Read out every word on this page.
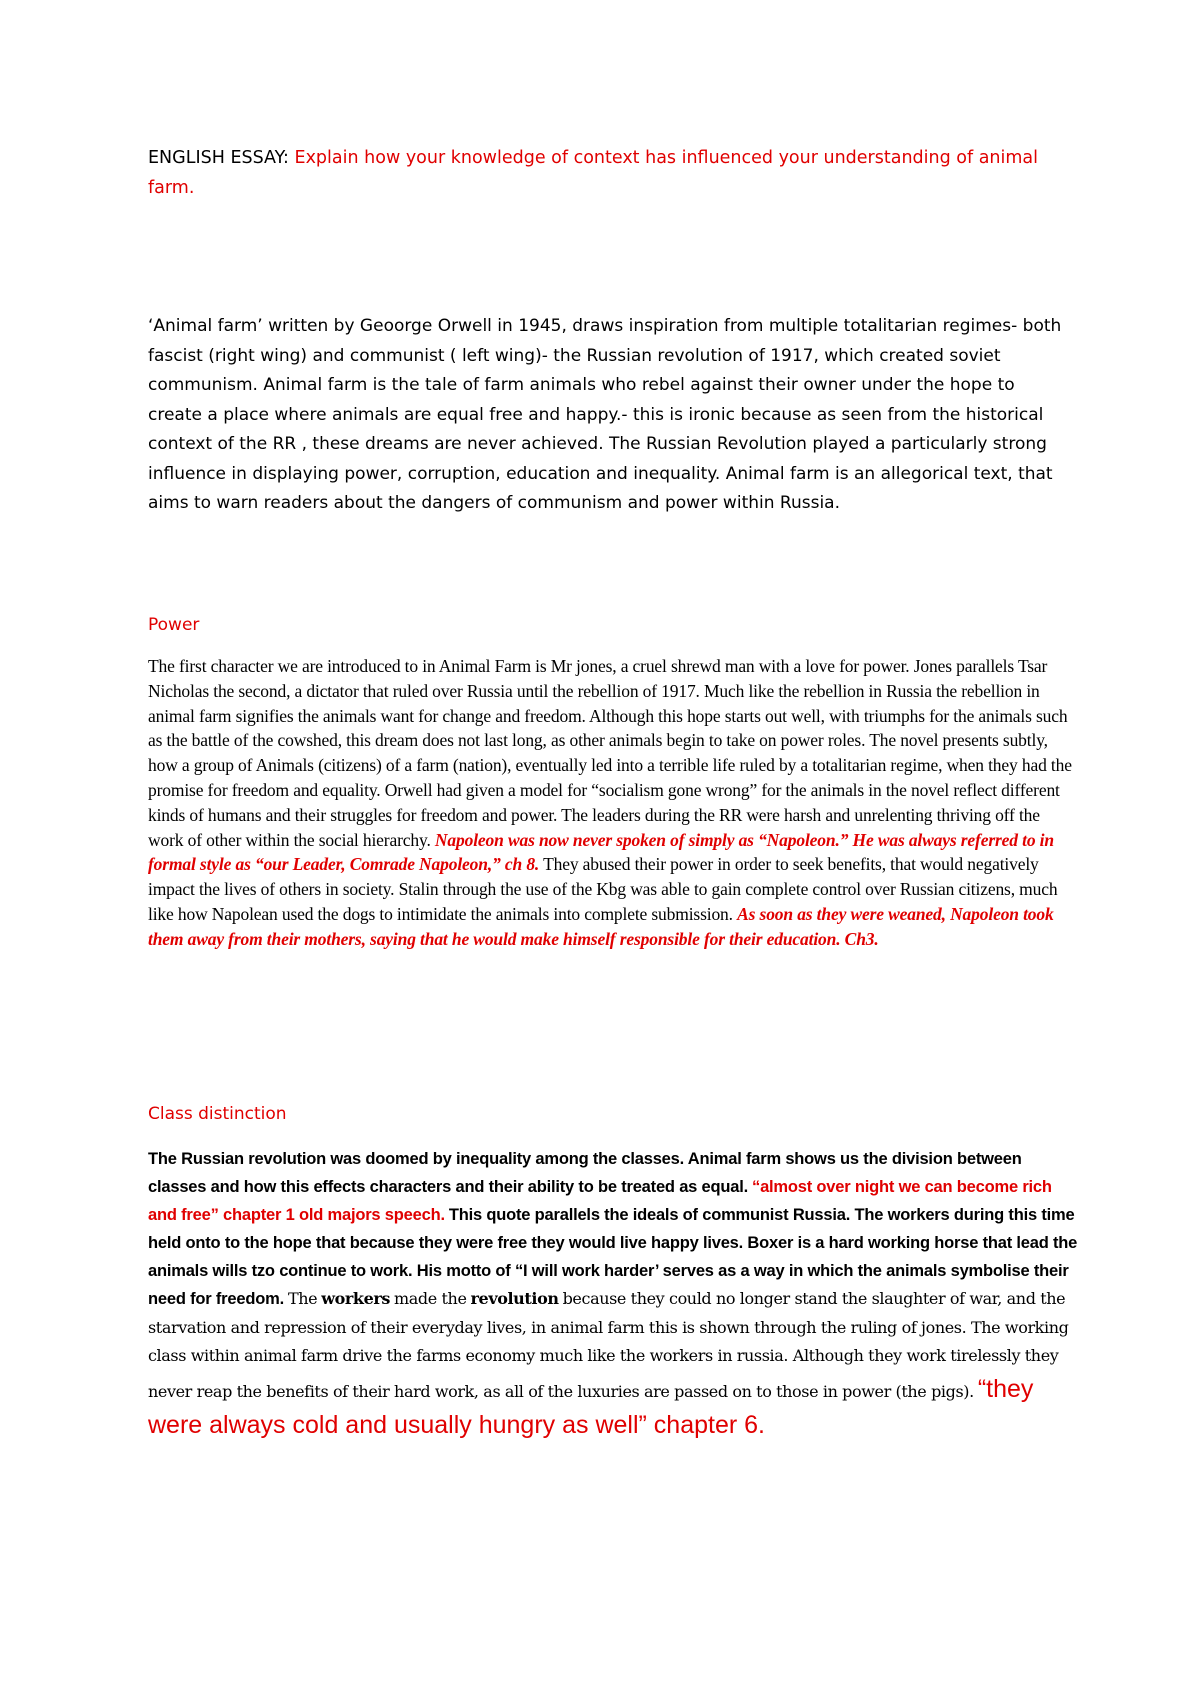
ENGLISH ESSAY: Explain how your knowledge of context has influenced your understanding of animal farm.

‘Animal farm’ written by Geoorge Orwell in 1945, draws inspiration from multiple totalitarian regimes- both fascist (right wing) and communist ( left wing)- the Russian revolution of 1917, which created soviet communism. Animal farm is the tale of farm animals who rebel against their owner under the hope to create a place where animals are equal free and happy.- this is ironic because as seen from the historical context of the RR , these dreams are never achieved. The Russian Revolution played a particularly strong influence in displaying power, corruption, education and inequality. Animal farm is an allegorical text, that aims to warn readers about the dangers of communism and power within Russia.

Power

The first character we are introduced to in Animal Farm is Mr jones, a cruel shrewd man with a love for power. Jones parallels Tsar Nicholas the second, a dictator that ruled over Russia until the rebellion of 1917. Much like the rebellion in Russia the rebellion in animal farm signifies the animals want for change and freedom. Although this hope starts out well, with triumphs for the animals such as the battle of the cowshed, this dream does not last long, as other animals begin to take on power roles. The novel presents subtly, how a group of Animals (citizens) of a farm (nation), eventually led into a terrible life ruled by a totalitarian regime, when they had the promise for freedom and equality. Orwell had given a model for “socialism gone wrong” for the animals in the novel reflect different kinds of humans and their struggles for freedom and power. The leaders during the RR were harsh and unrelenting thriving off the work of other within the social hierarchy. Napoleon was now never spoken of simply as “Napoleon.” He was always referred to in formal style as “our Leader, Comrade Napoleon,” ch 8. They abused their power in order to seek benefits, that would negatively impact the lives of others in society. Stalin through the use of the Kbg was able to gain complete control over Russian citizens, much like how Napolean used the dogs to intimidate the animals into complete submission. As soon as they were weaned, Napoleon took them away from their mothers, saying that he would make himself responsible for their education. Ch3.

Class distinction

The Russian revolution was doomed by inequality among the classes. Animal farm shows us the division between classes and how this effects characters and their ability to be treated as equal. “almost over night we can become rich and free” chapter 1 old majors speech. This quote parallels the ideals of communist Russia. The workers during this time held onto to the hope that because they were free they would live happy lives. Boxer is a hard working horse that lead the animals wills tzo continue to work. His motto of “I will work harder’ serves as a way in which the animals symbolise their need for freedom. The workers made the revolution because they could no longer stand the slaughter of war, and the starvation and repression of their everyday lives, in animal farm this is shown through the ruling of jones. The working class within animal farm drive the farms economy much like the workers in russia. Although they work tirelessly they never reap the benefits of their hard work, as all of the luxuries are passed on to those in power (the pigs). “they were always cold and usually hungry as well” chapter 6.
